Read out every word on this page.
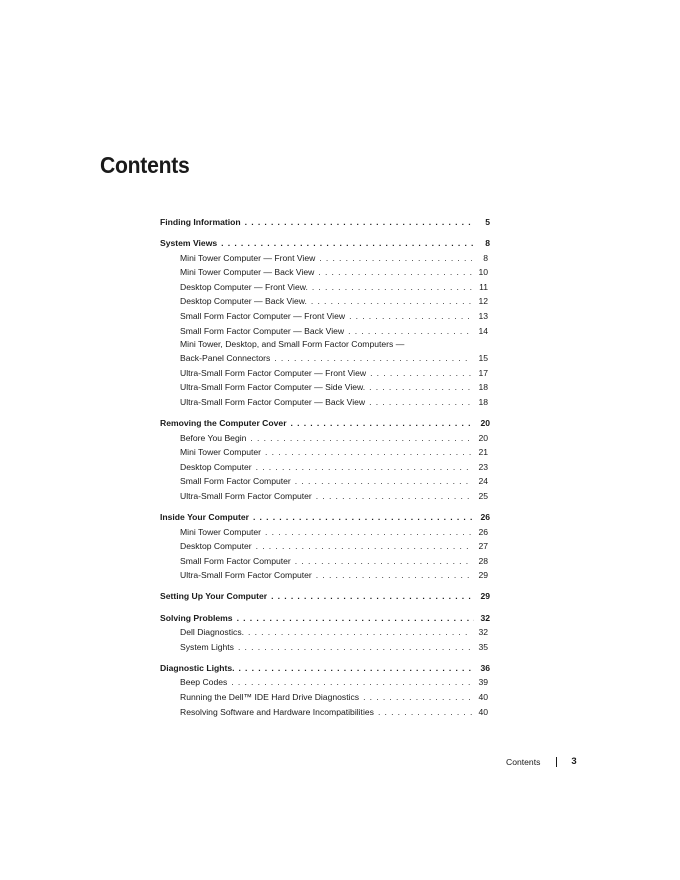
Contents
Finding Information . . .	5
System Views . . .	8
Mini Tower Computer — Front View . . .	8
Mini Tower Computer — Back View . . .	10
Desktop Computer — Front View. . . .	11
Desktop Computer — Back View. . . .	12
Small Form Factor Computer — Front View . . .	13
Small Form Factor Computer — Back View . . .	14
Mini Tower, Desktop, and Small Form Factor Computers —
Back-Panel Connectors . . .	15
Ultra-Small Form Factor Computer — Front View . . .	17
Ultra-Small Form Factor Computer — Side View. . . .	18
Ultra-Small Form Factor Computer — Back View . . .	18
Removing the Computer Cover . . .	20
Before You Begin . . .	20
Mini Tower Computer . . .	21
Desktop Computer . . .	23
Small Form Factor Computer . . .	24
Ultra-Small Form Factor Computer . . .	25
Inside Your Computer . . .	26
Mini Tower Computer . . .	26
Desktop Computer . . .	27
Small Form Factor Computer . . .	28
Ultra-Small Form Factor Computer . . .	29
Setting Up Your Computer . . .	29
Solving Problems . . .	32
Dell Diagnostics. . . .	32
System Lights . . .	35
Diagnostic Lights. . . .	36
Beep Codes . . .	39
Running the Dell™ IDE Hard Drive Diagnostics . . .	40
Resolving Software and Hardware Incompatibilities . . .	40
Contents	3
